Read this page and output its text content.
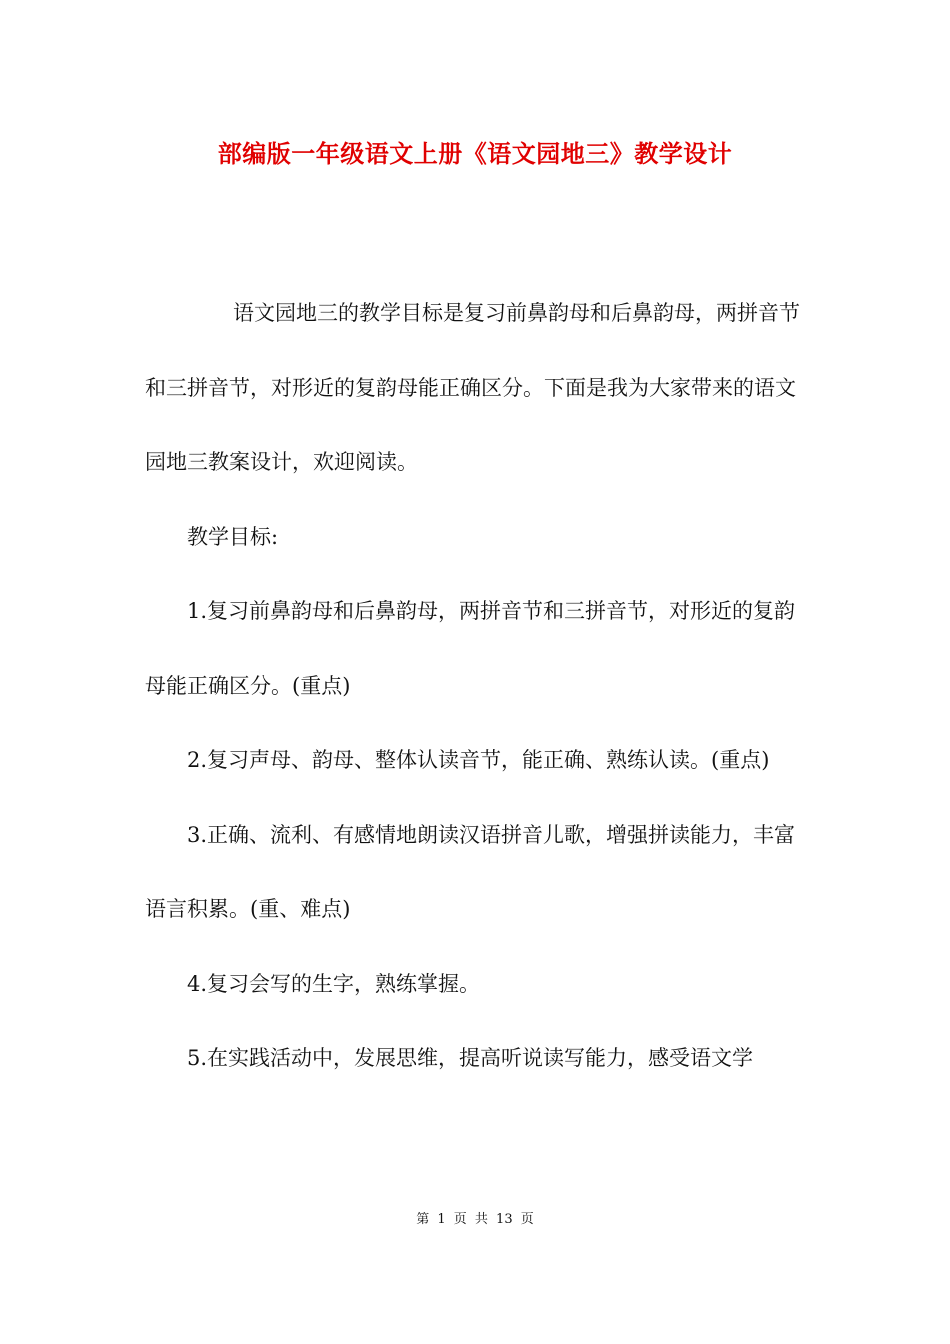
部编版一年级语文上册《语文园地三》教学设计

语文园地三的教学目标是复习前鼻韵母和后鼻韵母，两拼音节和三拼音节，对形近的复韵母能正确区分。下面是我为大家带来的语文园地三教案设计，欢迎阅读。

教学目标:

1.复习前鼻韵母和后鼻韵母，两拼音节和三拼音节，对形近的复韵母能正确区分。(重点)

2.复习声母、韵母、整体认读音节，能正确、熟练认读。(重点)

3.正确、流利、有感情地朗读汉语拼音儿歌，增强拼读能力，丰富语言积累。(重、难点)

4.复习会写的生字，熟练掌握。

5.在实践活动中，发展思维，提高听说读写能力，感受语文学

第 1 页 共 13 页
